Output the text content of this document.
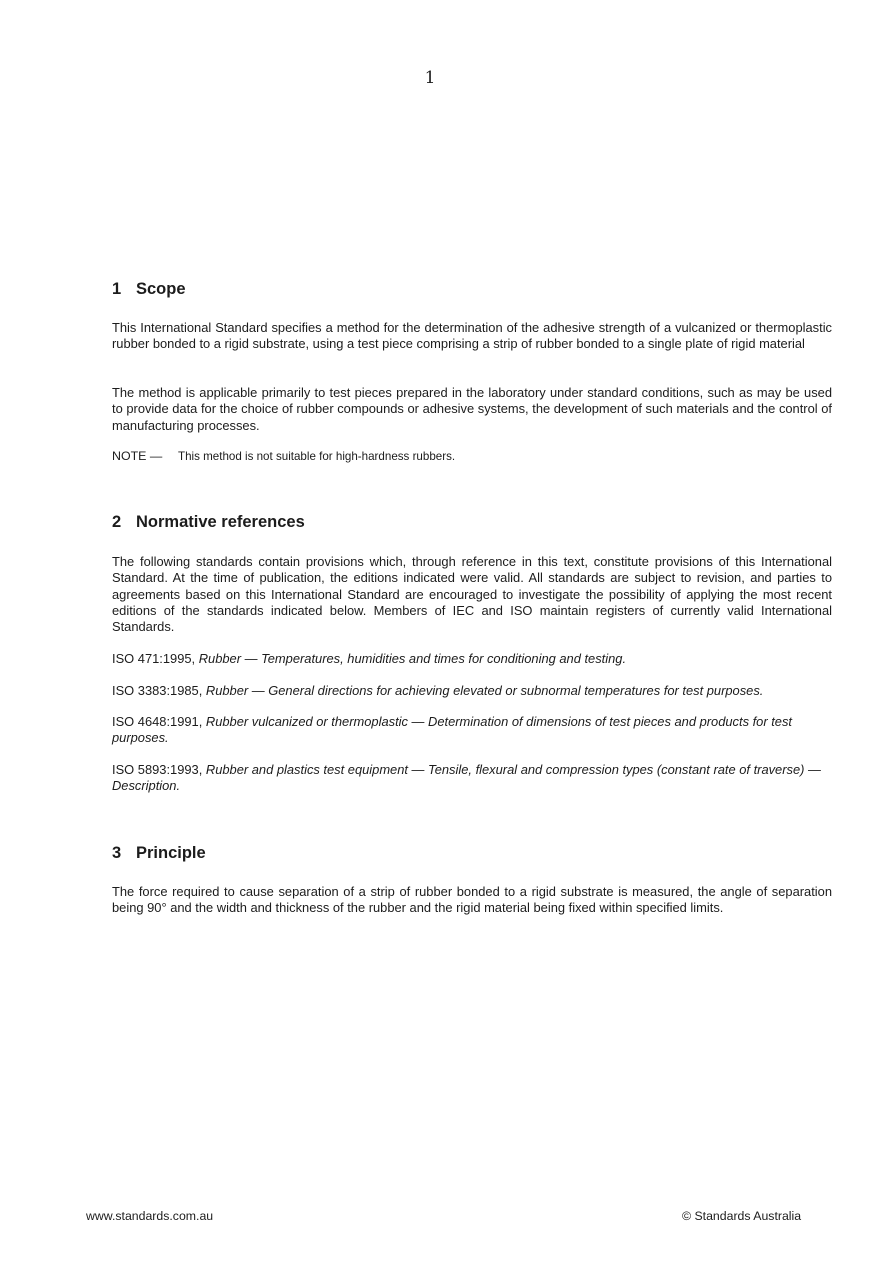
1
1 Scope

This International Standard specifies a method for the determination of the adhesive strength of a vulcanized or thermoplastic rubber bonded to a rigid substrate, using a test piece comprising a strip of rubber bonded to a single plate of rigid material

The method is applicable primarily to test pieces prepared in the laboratory under standard conditions, such as may be used to provide data for the choice of rubber compounds or adhesive systems, the development of such materials and the control of manufacturing processes.

NOTE — This method is not suitable for high-hardness rubbers.

2 Normative references

The following standards contain provisions which, through reference in this text, constitute provisions of this International Standard. At the time of publication, the editions indicated were valid. All standards are subject to revision, and parties to agreements based on this International Standard are encouraged to investigate the possibility of applying the most recent editions of the standards indicated below. Members of IEC and ISO maintain registers of currently valid International Standards.

ISO 471:1995, Rubber — Temperatures, humidities and times for conditioning and testing.

ISO 3383:1985, Rubber — General directions for achieving elevated or subnormal temperatures for test purposes.

ISO 4648:1991, Rubber vulcanized or thermoplastic — Determination of dimensions of test pieces and products for test purposes.

ISO 5893:1993, Rubber and plastics test equipment — Tensile, flexural and compression types (constant rate of traverse) — Description.

3 Principle

The force required to cause separation of a strip of rubber bonded to a rigid substrate is measured, the angle of separation being 90° and the width and thickness of the rubber and the rigid material being fixed within specified limits.

www.standards.com.au	© Standards Australia
